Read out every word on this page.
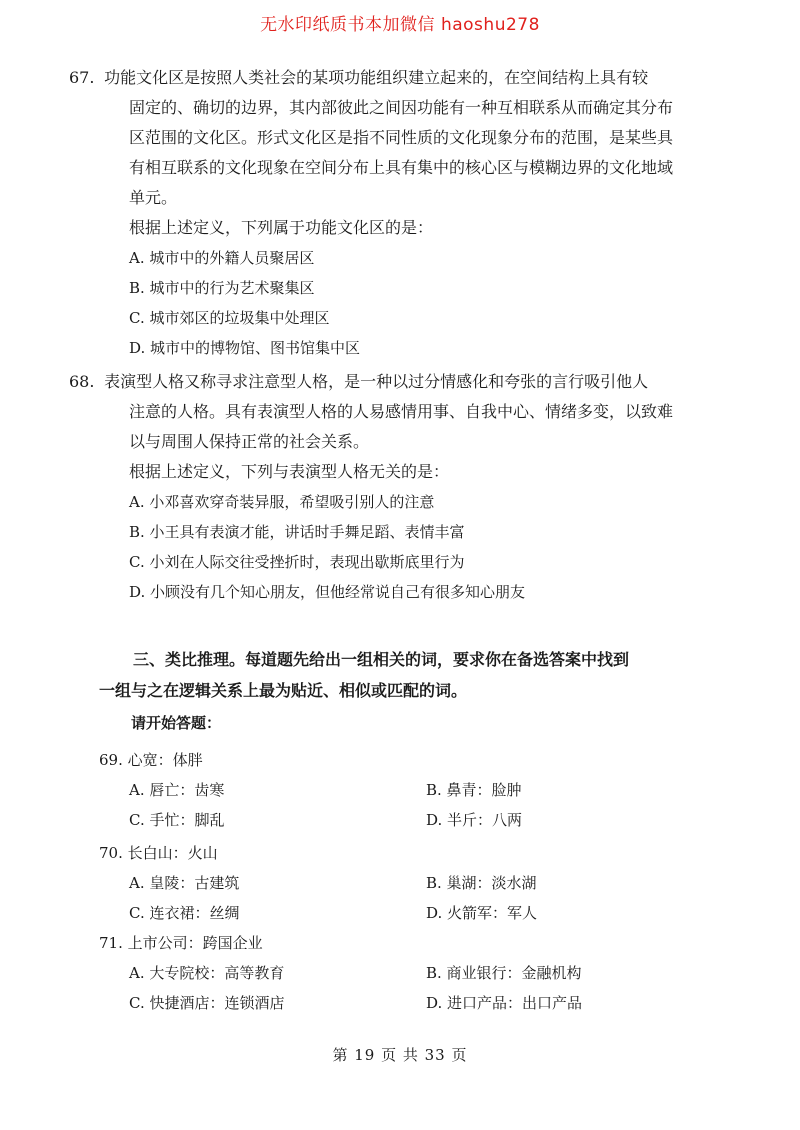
无水印纸质书本加微信 haoshu278
67. 功能文化区是按照人类社会的某项功能组织建立起来的，在空间结构上具有较
固定的、确切的边界，其内部彼此之间因功能有一种互相联系从而确定其分布
区范围的文化区。形式文化区是指不同性质的文化现象分布的范围，是某些具
有相互联系的文化现象在空间分布上具有集中的核心区与模糊边界的文化地域
单元。
根据上述定义，下列属于功能文化区的是：
A. 城市中的外籍人员聚居区
B. 城市中的行为艺术聚集区
C. 城市郊区的垃圾集中处理区
D. 城市中的博物馆、图书馆集中区
68. 表演型人格又称寻求注意型人格，是一种以过分情感化和夸张的言行吸引他人
注意的人格。具有表演型人格的人易感情用事、自我中心、情绪多变，以致难
以与周围人保持正常的社会关系。
根据上述定义，下列与表演型人格无关的是：
A. 小邓喜欢穿奇装异服，希望吸引别人的注意
B. 小王具有表演才能，讲话时手舞足蹈、表情丰富
C. 小刘在人际交往受挫折时，表现出歇斯底里行为
D. 小顾没有几个知心朋友，但他经常说自己有很多知心朋友
三、类比推理。每道题先给出一组相关的词，要求你在备选答案中找到
一组与之在逻辑关系上最为贴近、相似或匹配的词。
请开始答题：
69. 心宽：体胖
A. 唇亡：齿寒	B. 鼻青：脸肿
C. 手忙：脚乱	D. 半斤：八两
70. 长白山：火山
A. 皇陵：古建筑	B. 巢湖：淡水湖
C. 连衣裙：丝绸	D. 火箭军：军人
71. 上市公司：跨国企业
A. 大专院校：高等教育	B. 商业银行：金融机构
C. 快捷酒店：连锁酒店	D. 进口产品：出口产品
第 19 页 共 33 页
